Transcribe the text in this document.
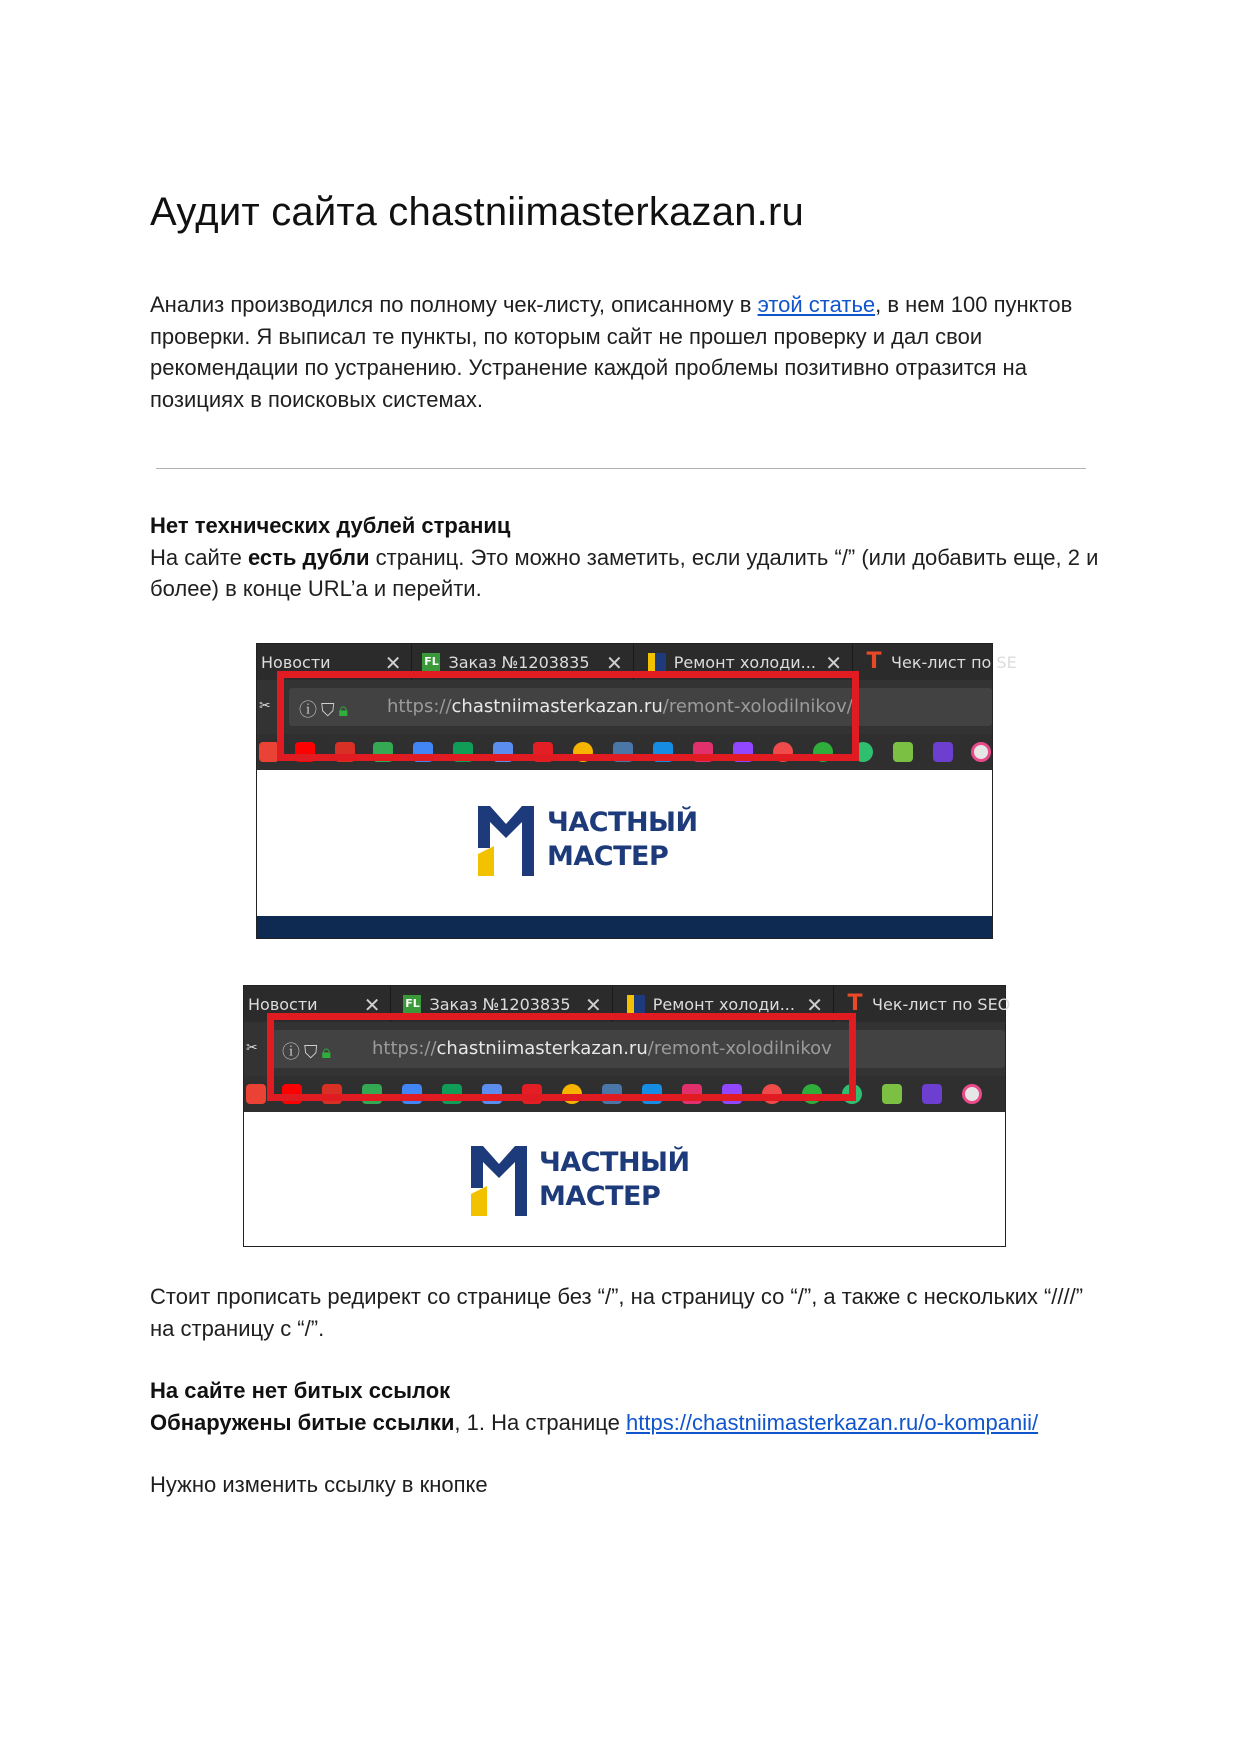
Аудит сайта chastniimasterkazan.ru

Анализ производился по полному чек-листу, описанному в этой статье, в нем 100 пунктов проверки. Я выписал те пункты, по которым сайт не прошел проверку и дал свои рекомендации по устранению. Устранение каждой проблемы позитивно отразится на позициях в поисковых системах.

Нет технических дублей страниц
На сайте есть дубли страниц. Это можно заметить, если удалить “/” (или добавить еще, 2 и более) в конце URL’а и перейти.

Новости	✕ FL Заказ №1203835 ✕	Ремонт холоди... ✕ T Чек-лист по SE
✂ ⓘ⛉🔒︎ https://chastniimasterkazan.ru/remont-xolodilnikov/
ЧАСТНЫЙ
МАСТЕР
Новости ✕ FL Заказ №1203835 ✕	Ремонт холоди... ✕ T Чек-лист по SEO
✂ ⓘ⛉🔒︎ https://chastniimasterkazan.ru/remont-xolodilnikov
ЧАСТНЫЙ
МАСТЕР

Стоит прописать редирект со странице без “/”, на страницу со “/”, а также с нескольких “////” на страницу с “/”.

На сайте нет битых ссылок
Обнаружены битые ссылки, 1. На странице https://chastniimasterkazan.ru/o-kompanii/

Нужно изменить ссылку в кнопке
